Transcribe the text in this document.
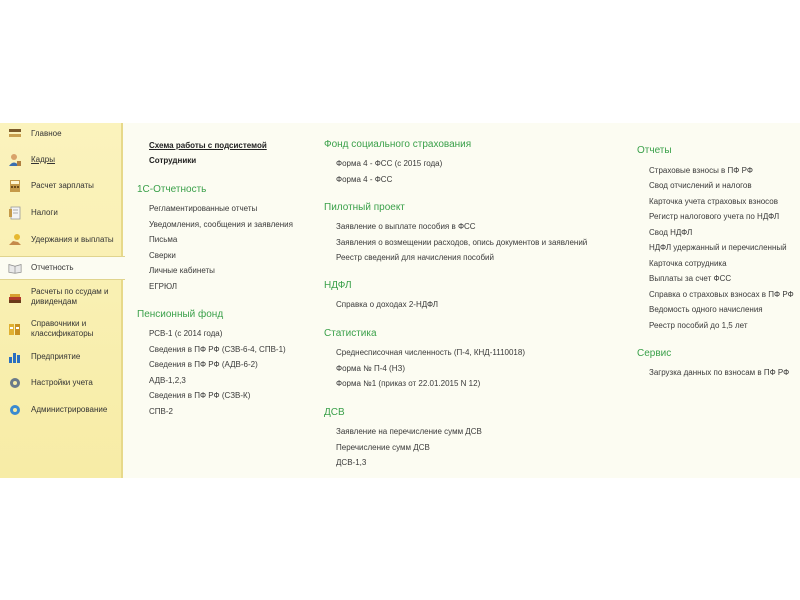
Главное
Кадры
Расчет зарплаты
Налоги
Удержания и выплаты
Отчетность
Расчеты по ссудам и дивидендам
Справочники и классификаторы
Предприятие
Настройки учета
Администрирование
Схема работы с подсистемой
Сотрудники
1С-Отчетность
Регламентированные отчеты
Уведомления, сообщения и заявления
Письма
Сверки
Личные кабинеты
ЕГРЮЛ
Пенсионный фонд
РСВ-1 (с 2014 года)
Сведения в ПФ РФ (СЗВ-6-4, СПВ-1)
Сведения в ПФ РФ (АДВ-6-2)
АДВ-1,2,3
Сведения в ПФ РФ (СЗВ-К)
СПВ-2
Фонд социального страхования
Форма 4 - ФСС (с 2015 года)
Форма 4 - ФСС
Пилотный проект
Заявление о выплате пособия в ФСС
Заявления о возмещении расходов, опись документов и заявлений
Реестр сведений для начисления пособий
НДФЛ
Справка о доходах 2-НДФЛ
Статистика
Среднесписочная численность (П-4, КНД-1110018)
Форма № П-4 (НЗ)
Форма №1 (приказ от 22.01.2015 N 12)
ДСВ
Заявление на перечисление сумм ДСВ
Перечисление сумм ДСВ
ДСВ-1,3
Отчеты
Страховые взносы в ПФ РФ
Свод отчислений и налогов
Карточка учета страховых взносов
Регистр налогового учета по НДФЛ
Свод НДФЛ
НДФЛ удержанный и перечисленный
Карточка сотрудника
Выплаты за счет ФСС
Справка о страховых взносах в ПФ РФ
Ведомость одного начисления
Реестр пособий до 1,5 лет
Сервис
Загрузка данных по взносам в ПФ РФ
